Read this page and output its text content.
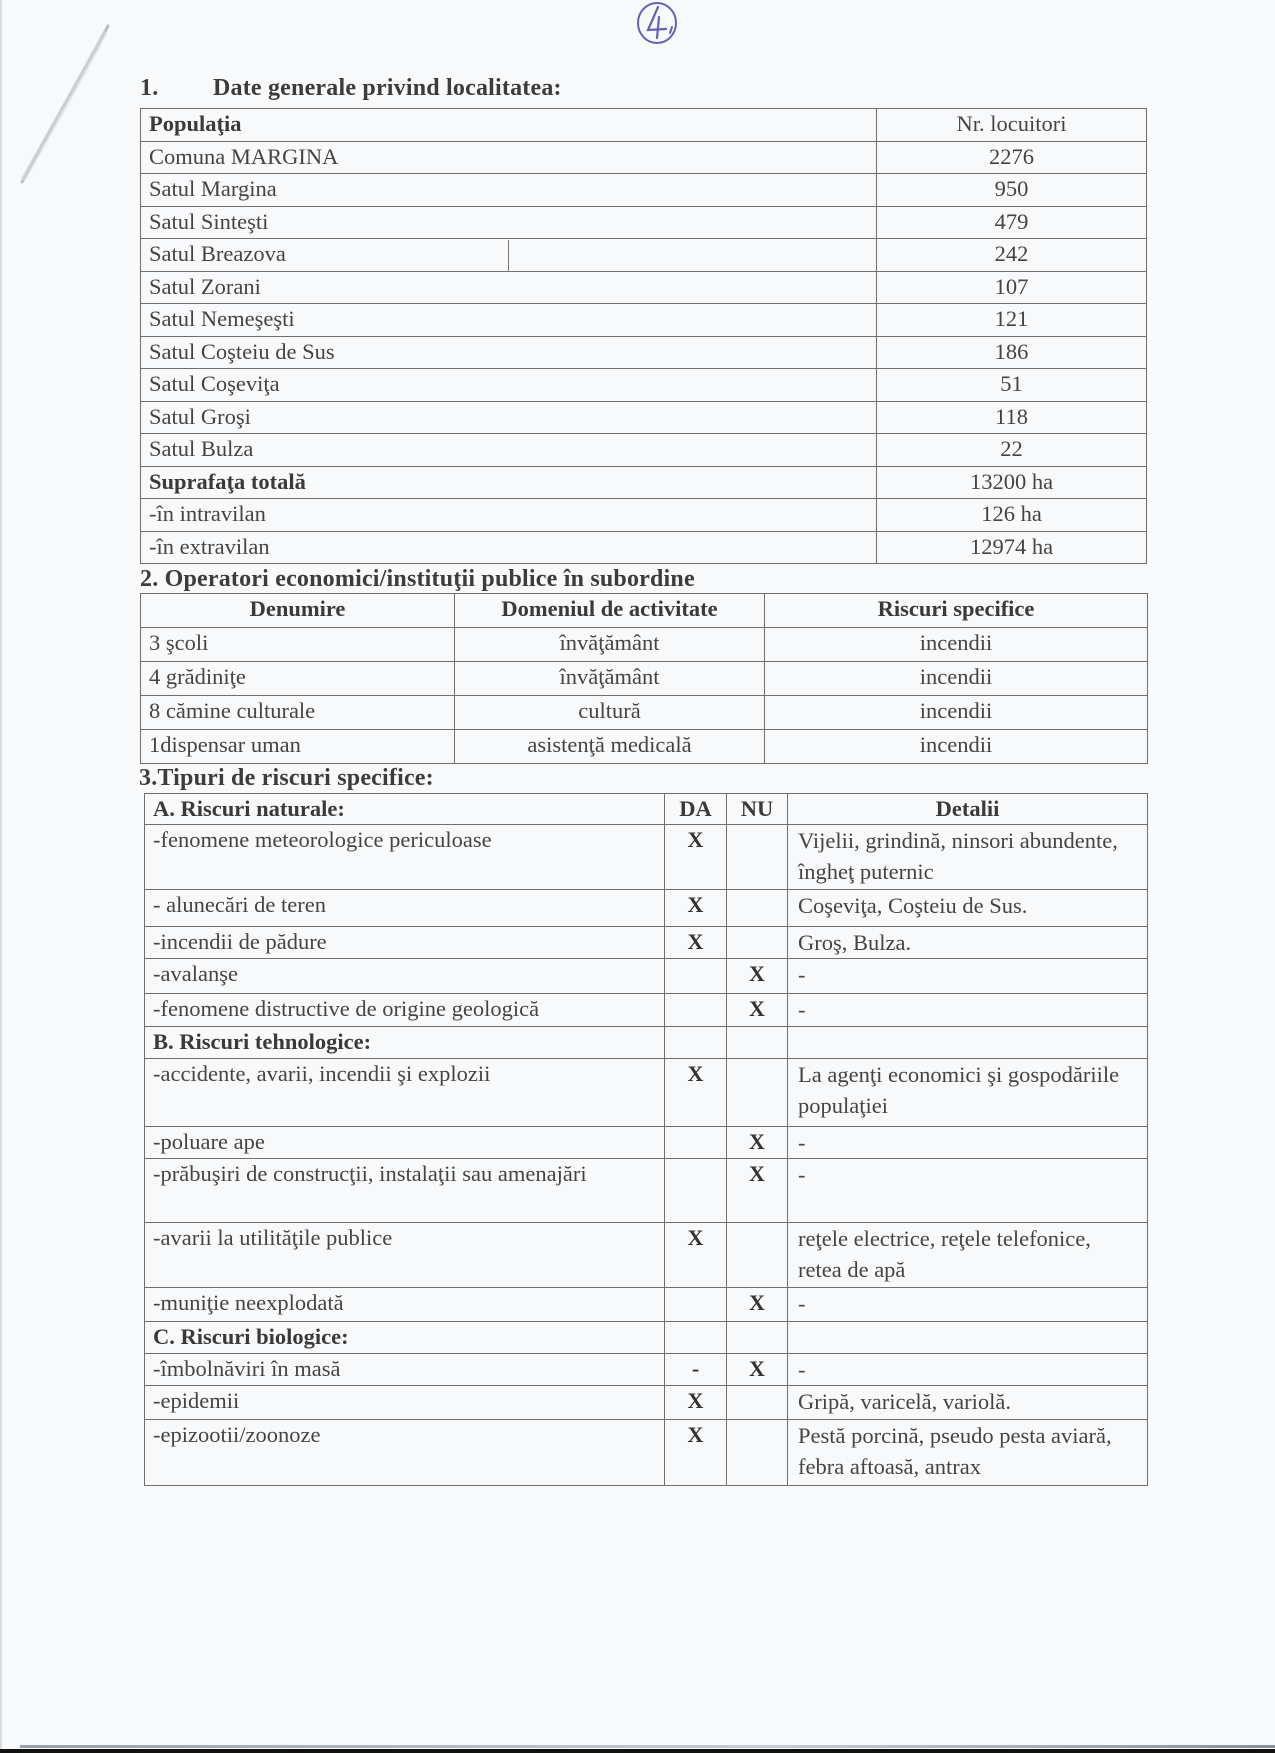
1. Date generale privind localitatea:
Populaţia	Nr. locuitori
Comuna MARGINA	2276
Satul Margina	950
Satul Sinteşti	479
Satul Breazova	242
Satul Zorani	107
Satul Nemeşeşti	121
Satul Coşteiu de Sus	186
Satul Coşeviţa	51
Satul Groşi	118
Satul Bulza	22
Suprafaţa totală	13200 ha
-în intravilan	126 ha
-în extravilan	12974 ha
2. Operatori economici/instituţii publice în subordine
Denumire	Domeniul de activitate	Riscuri specifice
3 şcoli	învăţământ	incendii
4 grădiniţe	învăţământ	incendii
8 cămine culturale	cultură	incendii
1dispensar uman	asistenţă medicală	incendii
3.Tipuri de riscuri specifice:
A. Riscuri naturale:	DA	NU	Detalii
-fenomene meteorologice periculoase	X		Vijelii, grindină, ninsori abundente, îngheţ puternic
- alunecări de teren	X		Coşeviţa, Coşteiu de Sus.
-incendii de pădure	X		Groş, Bulza.
-avalanşe		X	-
-fenomene distructive de origine geologică		X	-
B. Riscuri tehnologice:			
-accidente, avarii, incendii şi explozii	X		La agenţi economici şi gospodăriile populaţiei
-poluare ape		X	-
-prăbuşiri de construcţii, instalaţii sau amenajări		X	-
-avarii la utilităţile publice	X		reţele electrice, reţele telefonice, retea de apă
-muniţie neexplodată		X	-
C. Riscuri biologice:			
-îmbolnăviri în masă	-	X	-
-epidemii	X		Gripă, varicelă, variolă.
-epizootii/zoonoze	X		Pestă porcină, pseudo pesta aviară, febra aftoasă, antrax
